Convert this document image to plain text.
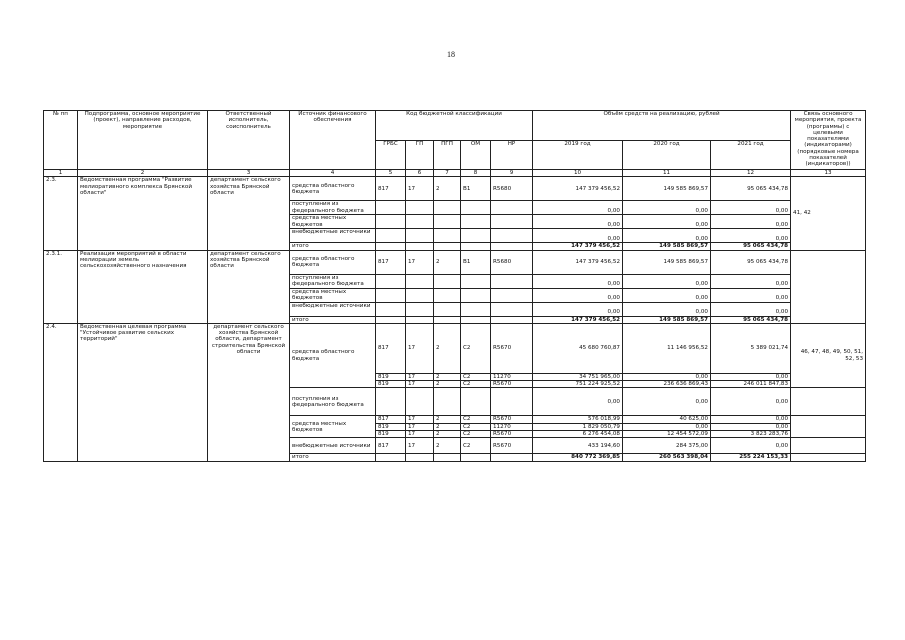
18
№ пп	Подпрограмма, основное мероприятие (проект), направление расходов, мероприятие	Ответственный исполнитель, соисполнитель	Источник финансового обеспечения	Код бюджетной классификации					Объём средств на реализацию, рублей			Связь основного мероприятия, проекта (программы) с целевыми показателями (индикаторами) (порядковые номера показателей (индикаторов))
				ГРБС	ГП	ПГП	ОМ	НР	2019 год	2020 год	2021 год	
1	2	3	4	5	6	7	8	9	10	11	12	13
2.3.	Ведомственная программа "Развитие мелиоративного комплекса Брянской области"	департамент сельского хозяйства Брянской области	средства областного бюджета	817	17	2	В1	R5680	147 379 456,52	149 585 869,57	95 065 434,78	41, 42
			поступления из федерального бюджета						0,00	0,00	0,00	
			средства местных бюджетов						0,00	0,00	0,00	
			внебюджетные источники						0,00	0,00	0,00	
			итого						147 379 456,52	149 585 869,57	95 065 434,78	
2.3.1.	Реализация мероприятий в области мелиорации земель сельскохозяйственного назначения	департамент сельского хозяйства Брянской области	средства областного бюджета	817	17	2	В1	R5680	147 379 456,52	149 585 869,57	95 065 434,78	
			поступления из федерального бюджета						0,00	0,00	0,00	
			средства местных бюджетов						0,00	0,00	0,00	
			внебюджетные источники						0,00	0,00	0,00	
			итого						147 379 456,52	149 585 869,57	95 065 434,78	
2.4.	Ведомственная целевая программа "Устойчивое развитие сельских территорий"	департамент сельского хозяйства Брянской области, департамент строительства Брянской области	средства областного бюджета	817	17	2	С2	R5670	45 680 760,87	11 146 956,52	5 389 021,74	46, 47, 48, 49, 50, 51, 52, 53
				819	17	2	С2	11270	34 751 965,00	0,00	0,00	
				819	17	2	С2	R5670	751 224 925,52	236 636 869,43	246 011 847,83	
			поступления из федерального бюджета						0,00	0,00	0,00	
			средства местных бюджетов	817	17	2	С2	R5670	576 018,99	40 625,00	0,00	
				819	17	2	С2	11270	1 829 050,79	0,00	0,00	
				819	17	2	С2	R5670	6 276 454,08	12 454 572,09	3 823 283,76	
			внебюджетные источники	817	17	2	С2	R5670	433 194,60	284 375,00	0,00	
			итого						840 772 369,85	260 563 398,04	255 224 153,33	
